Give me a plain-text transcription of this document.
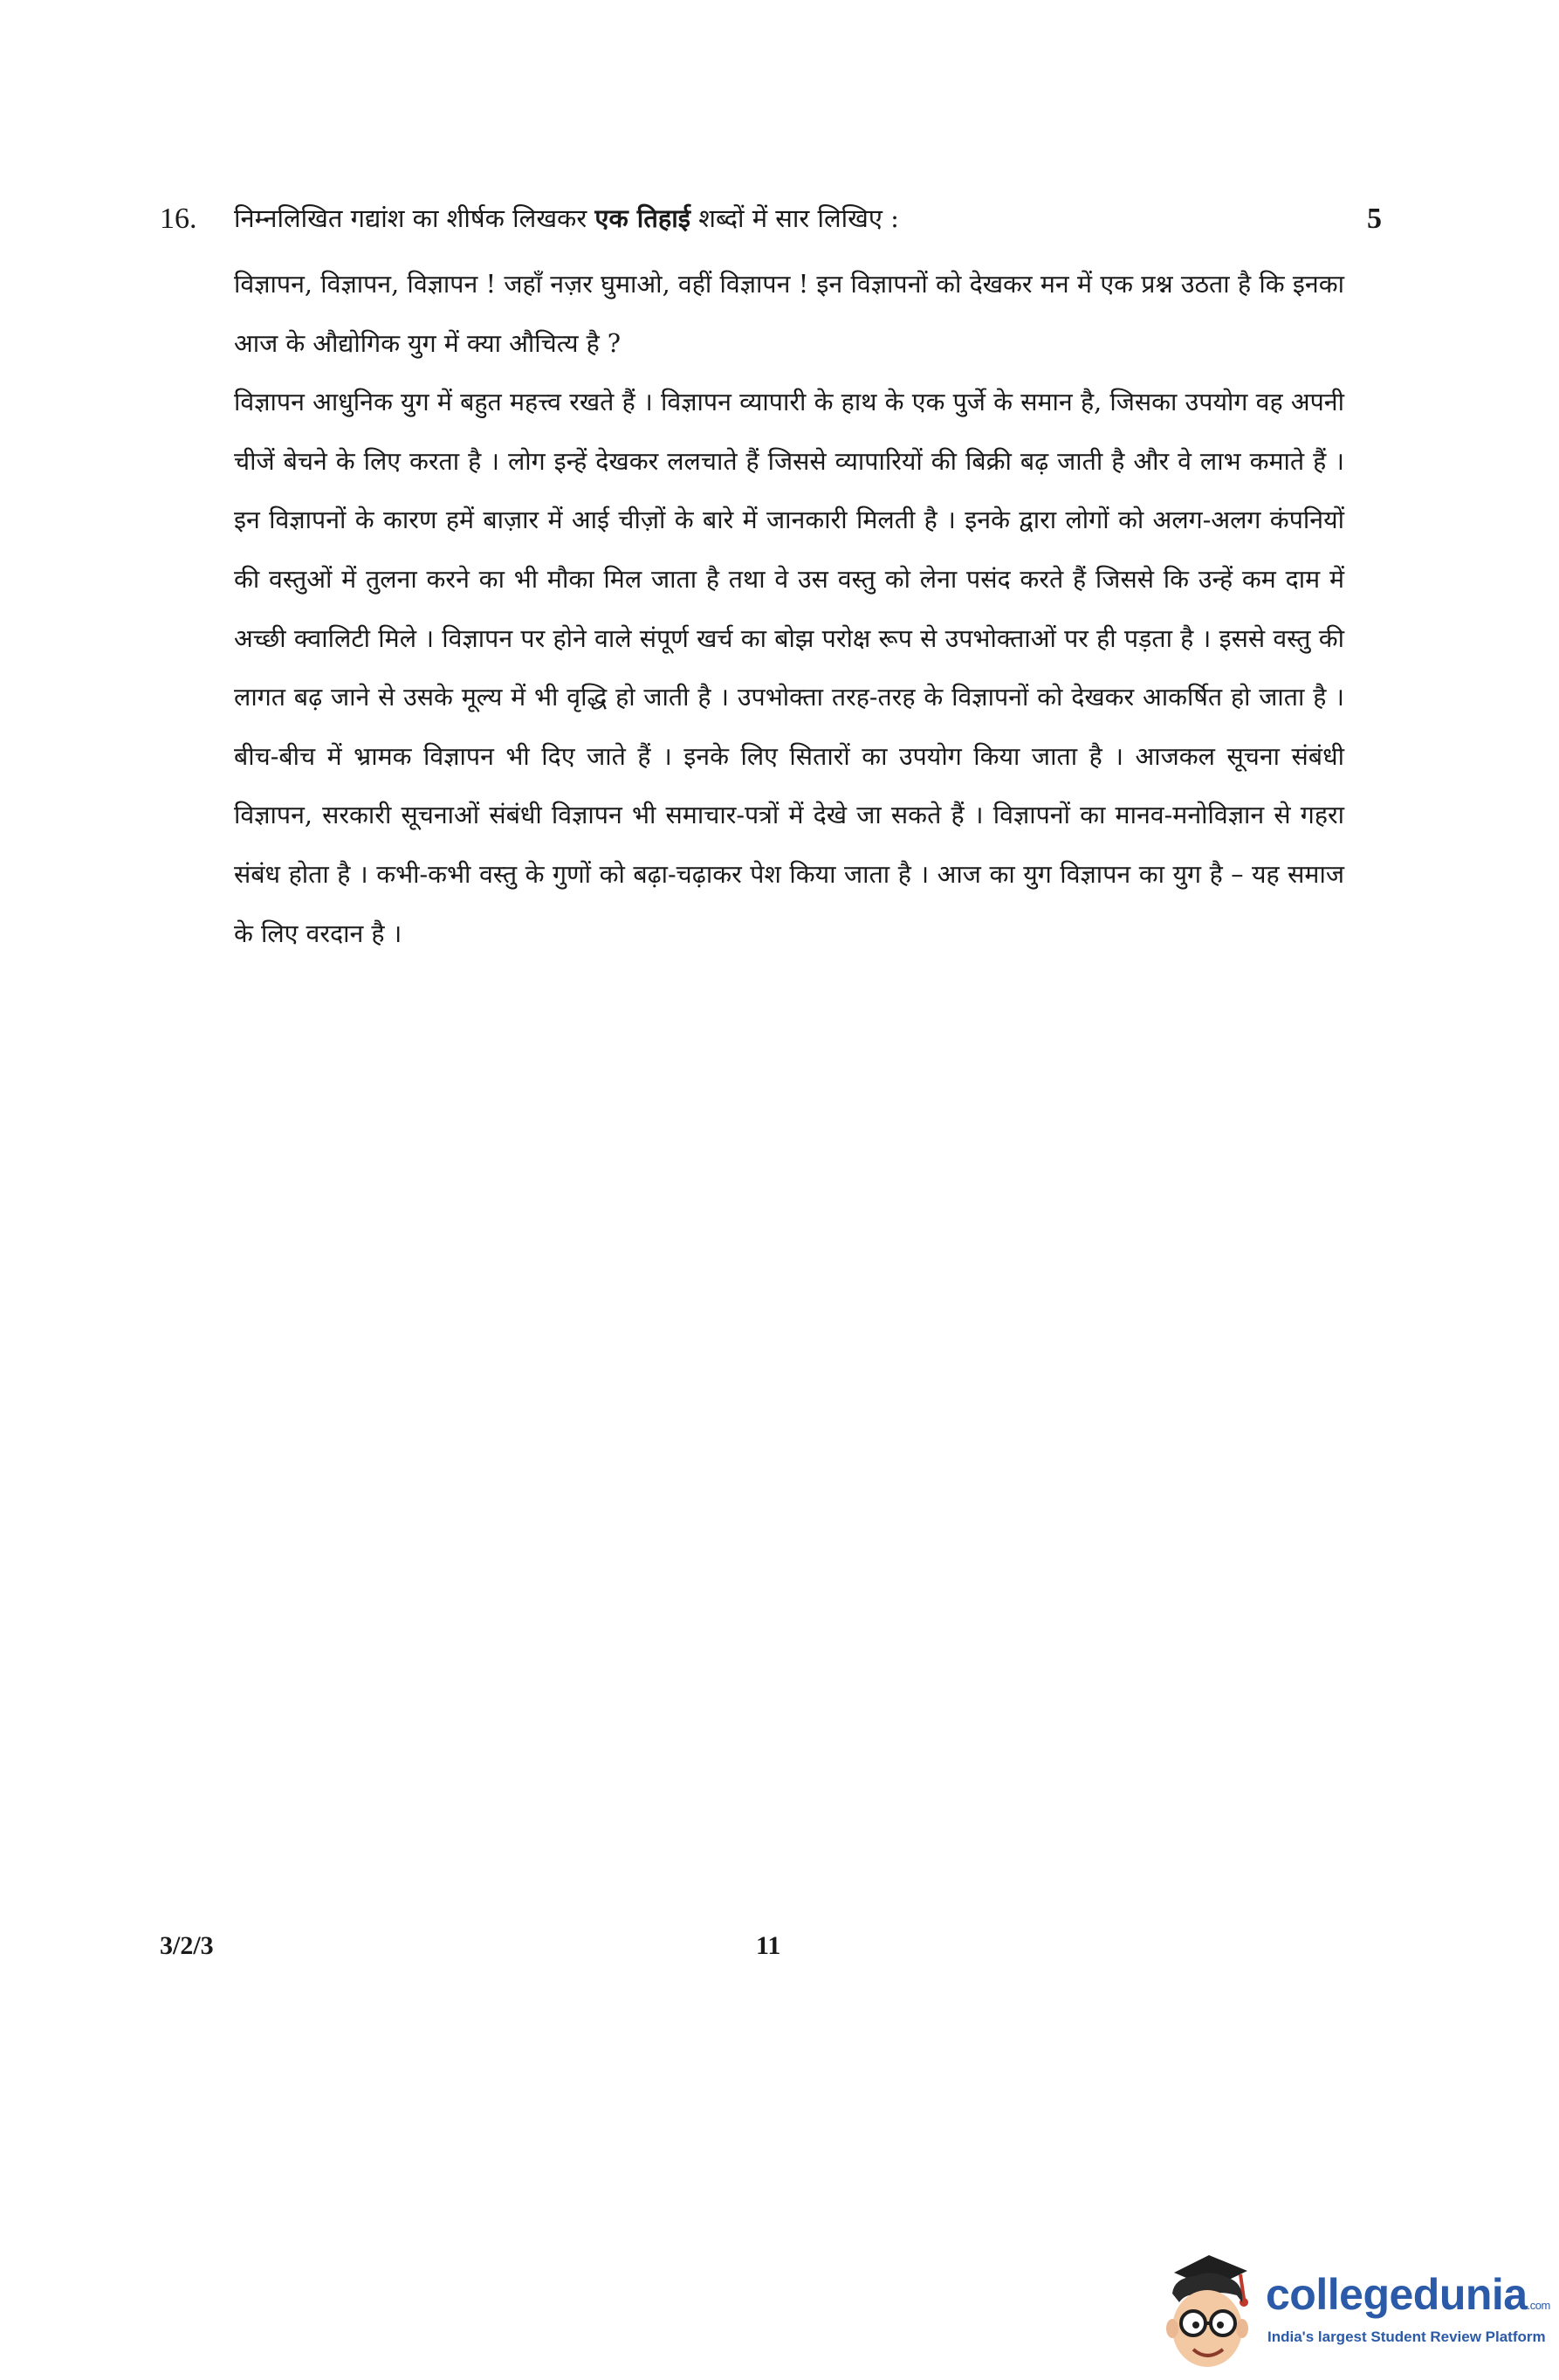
16. निम्नलिखित गद्यांश का शीर्षक लिखकर एक तिहाई शब्दों में सार लिखिए :	5

विज्ञापन, विज्ञापन, विज्ञापन ! जहाँ नज़र घुमाओ, वहीं विज्ञापन ! इन विज्ञापनों को देखकर मन में एक प्रश्न उठता है कि इनका आज के औद्योगिक युग में क्या औचित्य है ?

विज्ञापन आधुनिक युग में बहुत महत्त्व रखते हैं । विज्ञापन व्यापारी के हाथ के एक पुर्जे के समान है, जिसका उपयोग वह अपनी चीजें बेचने के लिए करता है । लोग इन्हें देखकर ललचाते हैं जिससे व्यापारियों की बिक्री बढ़ जाती है और वे लाभ कमाते हैं । इन विज्ञापनों के कारण हमें बाज़ार में आई चीज़ों के बारे में जानकारी मिलती है । इनके द्वारा लोगों को अलग-अलग कंपनियों की वस्तुओं में तुलना करने का भी मौका मिल जाता है तथा वे उस वस्तु को लेना पसंद करते हैं जिससे कि उन्हें कम दाम में अच्छी क्वालिटी मिले । विज्ञापन पर होने वाले संपूर्ण खर्च का बोझ परोक्ष रूप से उपभोक्ताओं पर ही पड़ता है । इससे वस्तु की लागत बढ़ जाने से उसके मूल्य में भी वृद्धि हो जाती है । उपभोक्ता तरह-तरह के विज्ञापनों को देखकर आकर्षित हो जाता है । बीच-बीच में भ्रामक विज्ञापन भी दिए जाते हैं । इनके लिए सितारों का उपयोग किया जाता है । आजकल सूचना संबंधी विज्ञापन, सरकारी सूचनाओं संबंधी विज्ञापन भी समाचार-पत्रों में देखे जा सकते हैं । विज्ञापनों का मानव-मनोविज्ञान से गहरा संबंध होता है । कभी-कभी वस्तु के गुणों को बढ़ा-चढ़ाकर पेश किया जाता है । आज का युग विज्ञापन का युग है – यह समाज के लिए वरदान है ।

3/2/3	11
collegedunia.com
India's largest Student Review Platform
